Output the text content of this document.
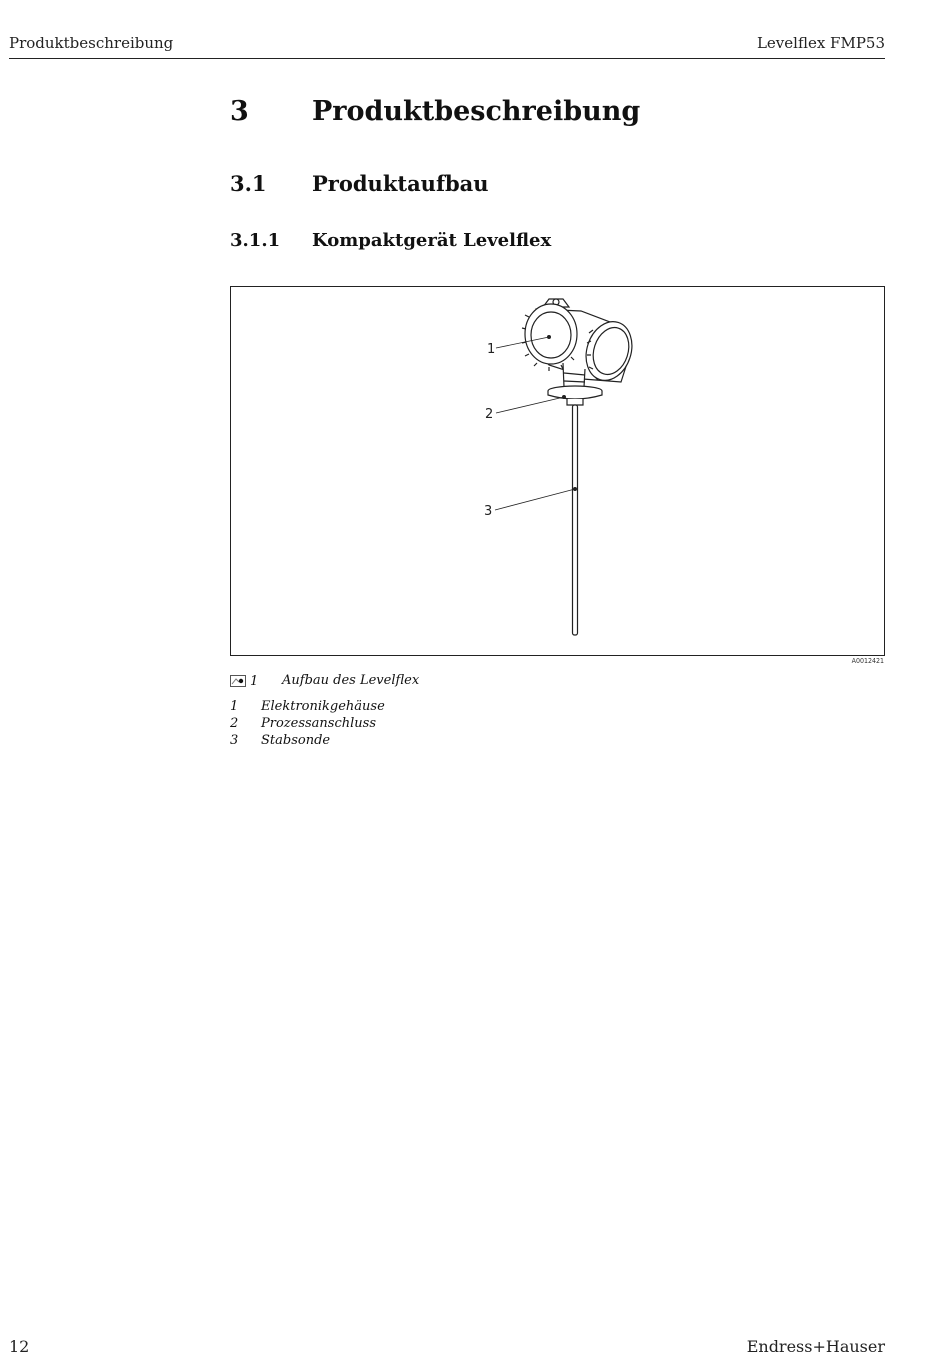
Produktbeschreibung	Levelflex FMP53
3 Produktbeschreibung
3.1 Produktaufbau
3.1.1 Kompaktgerät Levelflex
1
2
3
A0012421
1 Aufbau des Levelflex
1 Elektronikgehäuse
2 Prozessanschluss
3 Stabsonde
12	Endress+Hauser
